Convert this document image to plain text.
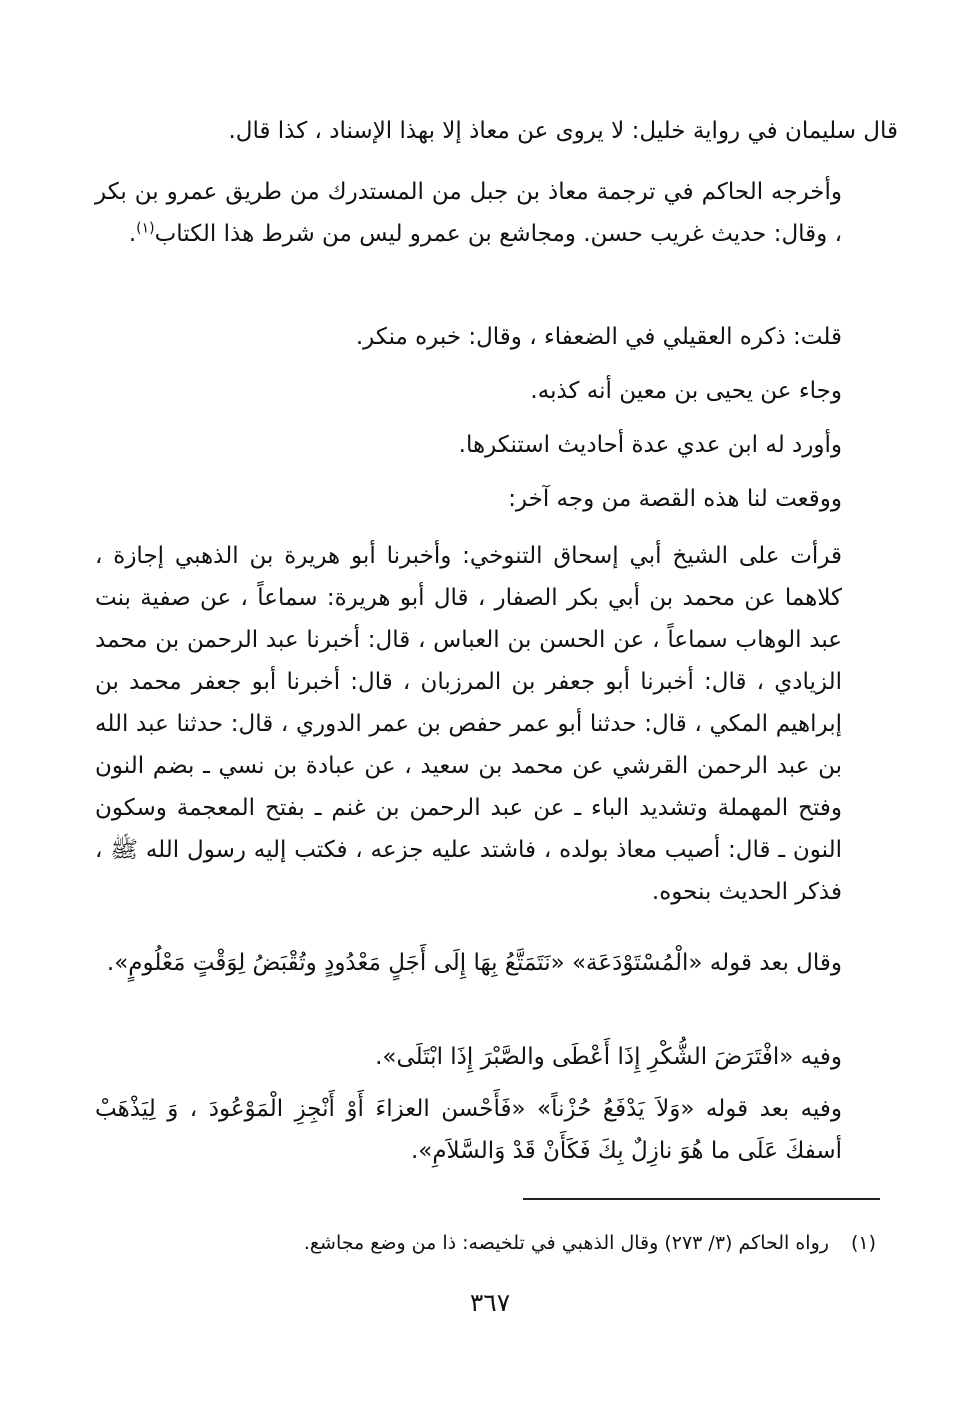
قال سليمان في رواية خليل: لا يروى عن معاذ إلا بهذا الإسناد ، كذا قال.
وأخرجه الحاكم في ترجمة معاذ بن جبل من المستدرك من طريق عمرو بن بكر ، وقال: حديث غريب حسن. ومجاشع بن عمرو ليس من شرط هذا الكتاب$^{(١)}$.
قلت: ذكره العقيلي في الضعفاء ، وقال: خبره منكر.
وجاء عن يحيى بن معين أنه كذبه.
وأورد له ابن عدي عدة أحاديث استنكرها.
ووقعت لنا هذه القصة من وجه آخر:
قرأت على الشيخ أبي إسحاق التنوخي: وأخبرنا أبو هريرة بن الذهبي إجازة ، كلاهما عن محمد بن أبي بكر الصفار ، قال أبو هريرة: سماعاً ، عن صفية بنت عبد الوهاب سماعاً ، عن الحسن بن العباس ، قال: أخبرنا عبد الرحمن بن محمد الزيادي ، قال: أخبرنا أبو جعفر بن المرزبان ، قال: أخبرنا أبو جعفر محمد بن إبراهيم المكي ، قال: حدثنا أبو عمر حفص بن عمر الدوري ، قال: حدثنا عبد الله بن عبد الرحمن القرشي عن محمد بن سعيد ، عن عبادة بن نسي ـ بضم النون وفتح المهملة وتشديد الباء ـ عن عبد الرحمن بن غنم ـ بفتح المعجمة وسكون النون ـ قال: أصيب معاذ بولده ، فاشتد عليه جزعه ، فكتب إليه رسول الله ﷺ ، فذكر الحديث بنحوه.
وقال بعد قوله «الْمُسْتَوْدَعَة» «نَتَمَتَّعُ بِهَا إِلَى أَجَلٍ مَعْدُودٍ وتُقْبَضُ لِوَقْتٍ مَعْلُومٍ».
وفيه «افْتَرَضَ الشُّكْرِ إِذَا أَعْطَى والصَّبْرَ إِذَا ابْتَلَى».
وفيه بعد قوله «وَلاَ يَدْفَعُ حُزْناً» «فَأَحْسن العزاءَ أَوْ أَنْجِزِ الْمَوْعُودَ ، وَ لِيَذْهَبْ أسفكَ عَلَى ما هُوَ نازِلٌ بِكَ فَكَأَنْ قَدْ وَالسَّلاَمِ».
(١)رواه الحاكم (٣/ ٢٧٣) وقال الذهبي في تلخيصه: ذا من وضع مجاشع.
٣٦٧
